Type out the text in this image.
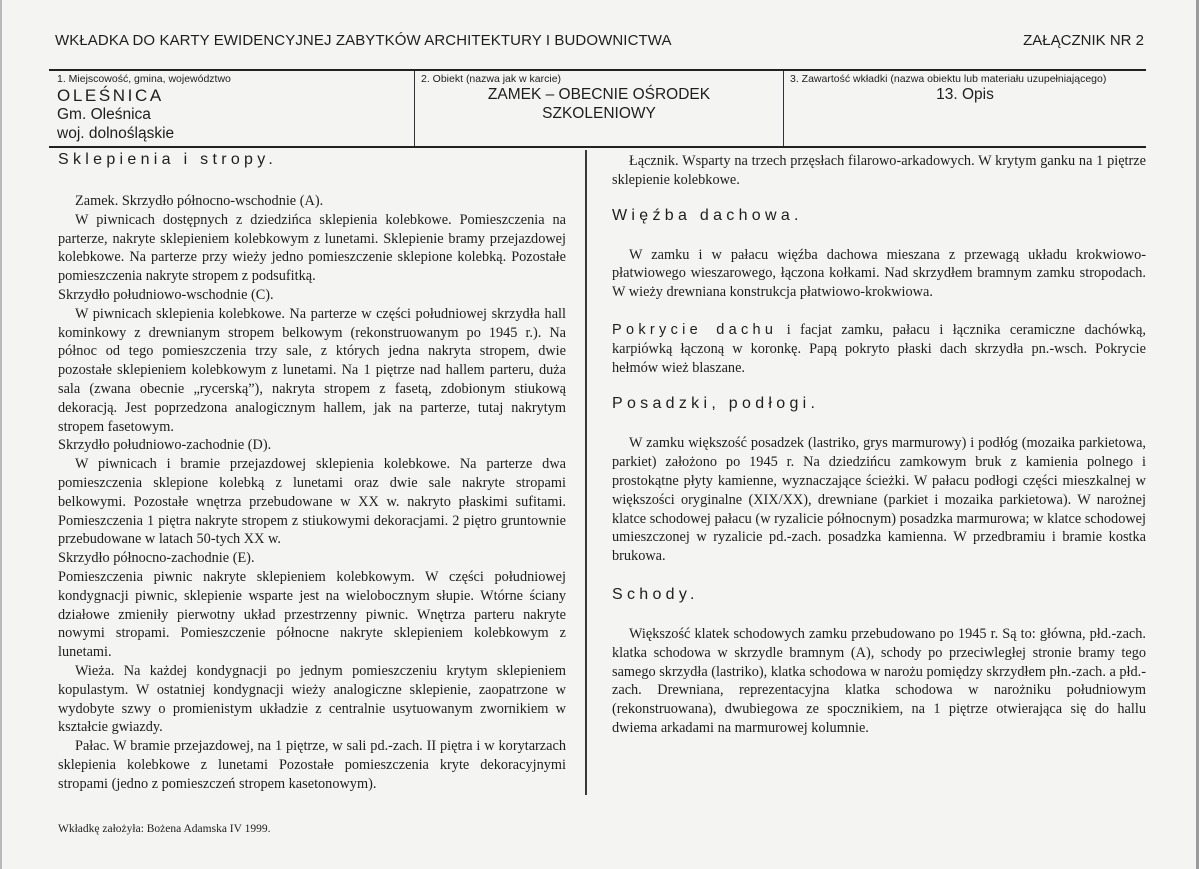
WKŁADKA DO KARTY EWIDENCYJNEJ ZABYTKÓW ARCHITEKTURY I BUDOWNICTWA	ZAŁĄCZNIK NR 2
1. Miejscowość, gmina, województwo
OLEŚNICA
Gm. Oleśnica
woj. dolnośląskie
2. Obiekt (nazwa jak w karcie)
ZAMEK – OBECNIE OŚRODEK
SZKOLENIOWY
3. Zawartość wkładki (nazwa obiektu lub materiału uzupełniającego)
13. Opis
Sklepienia i stropy.
Zamek. Skrzydło północno-wschodnie (A).
W piwnicach dostępnych z dziedzińca sklepienia kolebkowe. Pomieszczenia na parterze, nakryte sklepieniem kolebkowym z lunetami. Sklepienie bramy przejazdowej kolebkowe. Na parterze przy wieży jedno pomieszczenie sklepione kolebką. Pozostałe pomieszczenia nakryte stropem z podsufitką.
Skrzydło południowo-wschodnie (C).
W piwnicach sklepienia kolebkowe. Na parterze w części południowej skrzydła hall kominkowy z drewnianym stropem belkowym (rekonstruowanym po 1945 r.). Na północ od tego pomieszczenia trzy sale, z których jedna nakryta stropem, dwie pozostałe sklepieniem kolebkowym z lunetami. Na 1 piętrze nad hallem parteru, duża sala (zwana obecnie „rycerską”), nakryta stropem z fasetą, zdobionym stiukową dekoracją. Jest poprzedzona analogicznym hallem, jak na parterze, tutaj nakrytym stropem fasetowym.
Skrzydło południowo-zachodnie (D).
W piwnicach i bramie przejazdowej sklepienia kolebkowe. Na parterze dwa pomieszczenia sklepione kolebką z lunetami oraz dwie sale nakryte stropami belkowymi. Pozostałe wnętrza przebudowane w XX w. nakryto płaskimi sufitami. Pomieszczenia 1 piętra nakryte stropem z stiukowymi dekoracjami. 2 piętro gruntownie przebudowane w latach 50-tych XX w.
Skrzydło północno-zachodnie (E).
Pomieszczenia piwnic nakryte sklepieniem kolebkowym. W części południowej kondygnacji piwnic, sklepienie wsparte jest na wielobocznym słupie. Wtórne ściany działowe zmieniły pierwotny układ przestrzenny piwnic. Wnętrza parteru nakryte nowymi stropami. Pomieszczenie północne nakryte sklepieniem kolebkowym z lunetami.
Wieża. Na każdej kondygnacji po jednym pomieszczeniu krytym sklepieniem kopulastym. W ostatniej kondygnacji wieży analogiczne sklepienie, zaopatrzone w wydobyte szwy o promienistym układzie z centralnie usytuowanym zwornikiem w kształcie gwiazdy.
Pałac. W bramie przejazdowej, na 1 piętrze, w sali pd.-zach. II piętra i w korytarzach sklepienia kolebkowe z lunetami Pozostałe pomieszczenia kryte dekoracyjnymi stropami (jedno z pomieszczeń stropem kasetonowym).
Łącznik. Wsparty na trzech przęsłach filarowo-arkadowych. W krytym ganku na 1 piętrze sklepienie kolebkowe.
Więźba dachowa.
W zamku i w pałacu więźba dachowa mieszana z przewagą układu krokwiowo-płatwiowego wieszarowego, łączona kołkami. Nad skrzydłem bramnym zamku stropodach. W wieży drewniana konstrukcja płatwiowo-krokwiowa.
Pokrycie dachu i facjat zamku, pałacu i łącznika ceramiczne dachówką, karpiówką łączoną w koronkę. Papą pokryto płaski dach skrzydła pn.-wsch. Pokrycie hełmów wież blaszane.
Posadzki, podłogi.
W zamku większość posadzek (lastriko, grys marmurowy) i podłóg (mozaika parkietowa, parkiet) założono po 1945 r. Na dziedzińcu zamkowym bruk z kamienia polnego i prostokątne płyty kamienne, wyznaczające ścieżki. W pałacu podłogi części mieszkalnej w większości oryginalne (XIX/XX), drewniane (parkiet i mozaika parkietowa). W narożnej klatce schodowej pałacu (w ryzalicie północnym) posadzka marmurowa; w klatce schodowej umieszczonej w ryzalicie pd.-zach. posadzka kamienna. W przedbramiu i bramie kostka brukowa.
Schody.
Większość klatek schodowych zamku przebudowano po 1945 r. Są to: główna, płd.-zach. klatka schodowa w skrzydle bramnym (A), schody po przeciwległej stronie bramy tego samego skrzydła (lastriko), klatka schodowa w narożu pomiędzy skrzydłem płn.-zach. a płd.-zach. Drewniana, reprezentacyjna klatka schodowa w narożniku południowym (rekonstruowana), dwubiegowa ze spocznikiem, na 1 piętrze otwierająca się do hallu dwiema arkadami na marmurowej kolumnie.
Wkładkę założyła: Bożena Adamska IV 1999.
